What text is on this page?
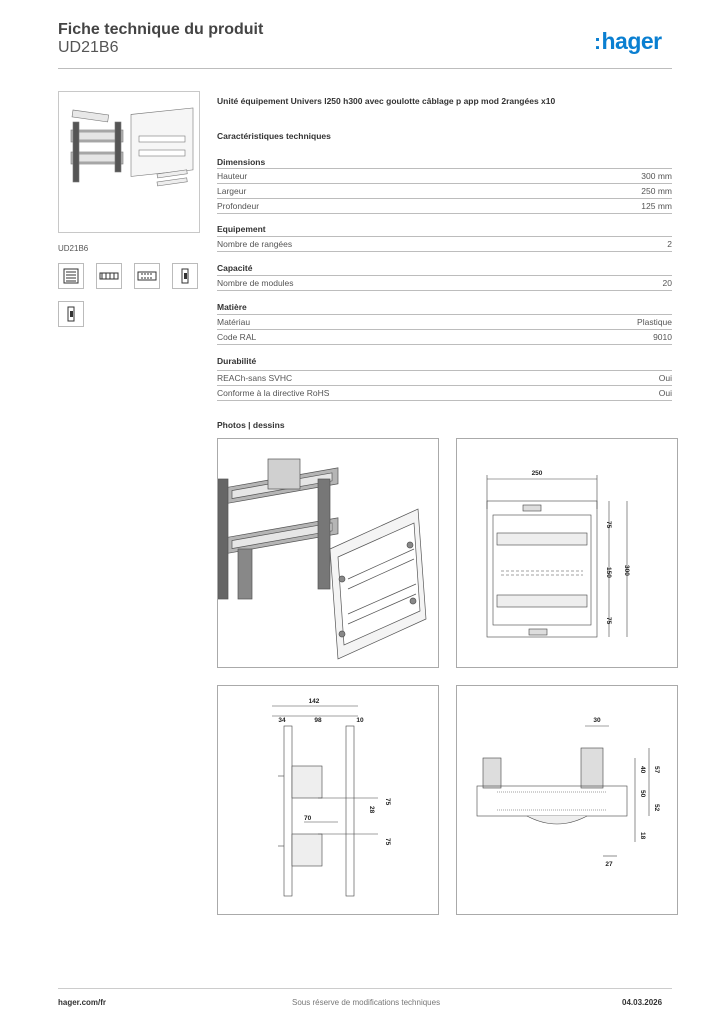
Fiche technique du produit
UD21B6	:hager
UD21B6
Unité équipement Univers l250 h300 avec goulotte câblage p app mod 2rangées x10
Caractéristiques techniques
Dimensions
Hauteur	300 mm
Largeur	250 mm
Profondeur	125 mm
Equipement
Nombre de rangées	2
Capacité
Nombre de modules	20
Matière
Matériau	Plastique
Code RAL	9010
Durabilité
REACh-sans SVHC	Oui
Conforme à la directive RoHS	Oui
Photos | dessins
250
75
150
75
300
142
34	98	10
28
75
70
75
30
40 57
50
52
18
27
hager.com/fr	Sous réserve de modifications techniques	04.03.2026
